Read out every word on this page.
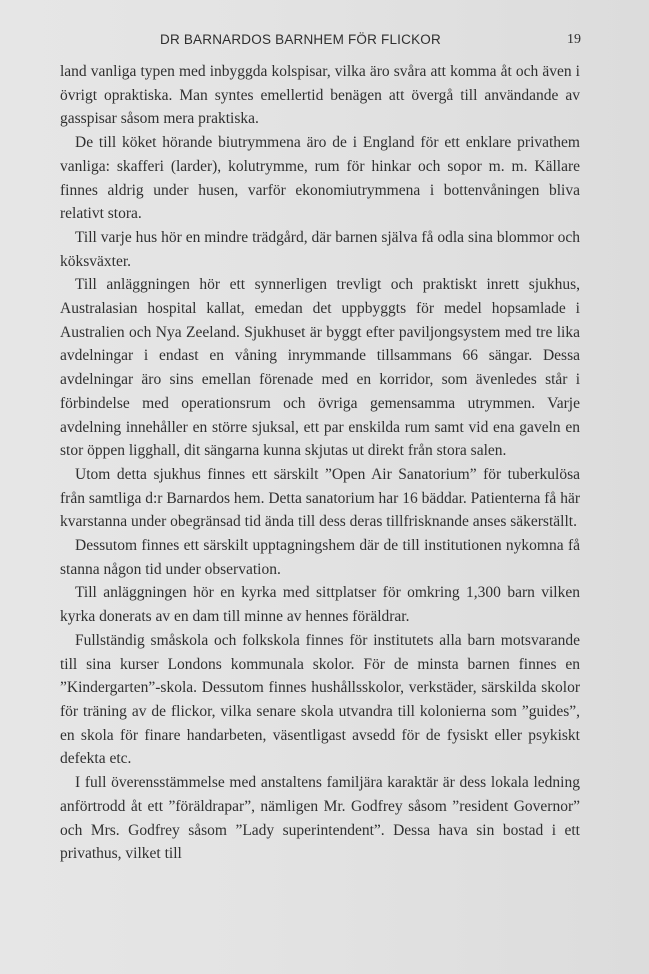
DR BARNARDOS BARNHEM FÖR FLICKOR	19

land vanliga typen med inbyggda kolspisar, vilka äro svåra att komma åt och även i övrigt opraktiska. Man syntes emellertid benägen att övergå till användande av gasspisar såsom mera praktiska.

De till köket hörande biutrymmena äro de i England för ett enklare privathem vanliga: skafferi (larder), kolutrymme, rum för hinkar och sopor m. m. Källare finnes aldrig under husen, varför ekonomiutrymmena i bottenvåningen bliva relativt stora.

Till varje hus hör en mindre trädgård, där barnen själva få odla sina blommor och köksväxter.

Till anläggningen hör ett synnerligen trevligt och praktiskt inrett sjukhus, Australasian hospital kallat, emedan det uppbyggts för medel hopsamlade i Australien och Nya Zeeland. Sjukhuset är byggt efter paviljongsystem med tre lika avdelningar i endast en våning inrymmande tillsammans 66 sängar. Dessa avdelningar äro sins emellan förenade med en korridor, som ävenledes står i förbindelse med operationsrum och övriga gemensamma utrymmen. Varje avdelning innehåller en större sjuksal, ett par enskilda rum samt vid ena gaveln en stor öppen ligghall, dit sängarna kunna skjutas ut direkt från stora salen.

Utom detta sjukhus finnes ett särskilt ”Open Air Sanatorium” för tuberkulösa från samtliga d:r Barnardos hem. Detta sanatorium har 16 bäddar. Patienterna få här kvarstanna under obegränsad tid ända till dess deras tillfrisknande anses säkerställt.

Dessutom finnes ett särskilt upptagningshem där de till institutionen nykomna få stanna någon tid under observation.

Till anläggningen hör en kyrka med sittplatser för omkring 1,300 barn vilken kyrka donerats av en dam till minne av hennes föräldrar.

Fullständig småskola och folkskola finnes för institutets alla barn motsvarande till sina kurser Londons kommunala skolor. För de minsta barnen finnes en ”Kindergarten”-skola. Dessutom finnes hushållsskolor, verkstäder, särskilda skolor för träning av de flickor, vilka senare skola utvandra till kolonierna som ”guides”, en skola för finare handarbeten, väsentligast avsedd för de fysiskt eller psykiskt defekta etc.

I full överensstämmelse med anstaltens familjära karaktär är dess lokala ledning anförtrodd åt ett ”föräldrapar”, nämligen Mr. Godfrey såsom ”resident Governor” och Mrs. Godfrey såsom ”Lady superintendent”. Dessa hava sin bostad i ett privathus, vilket till
